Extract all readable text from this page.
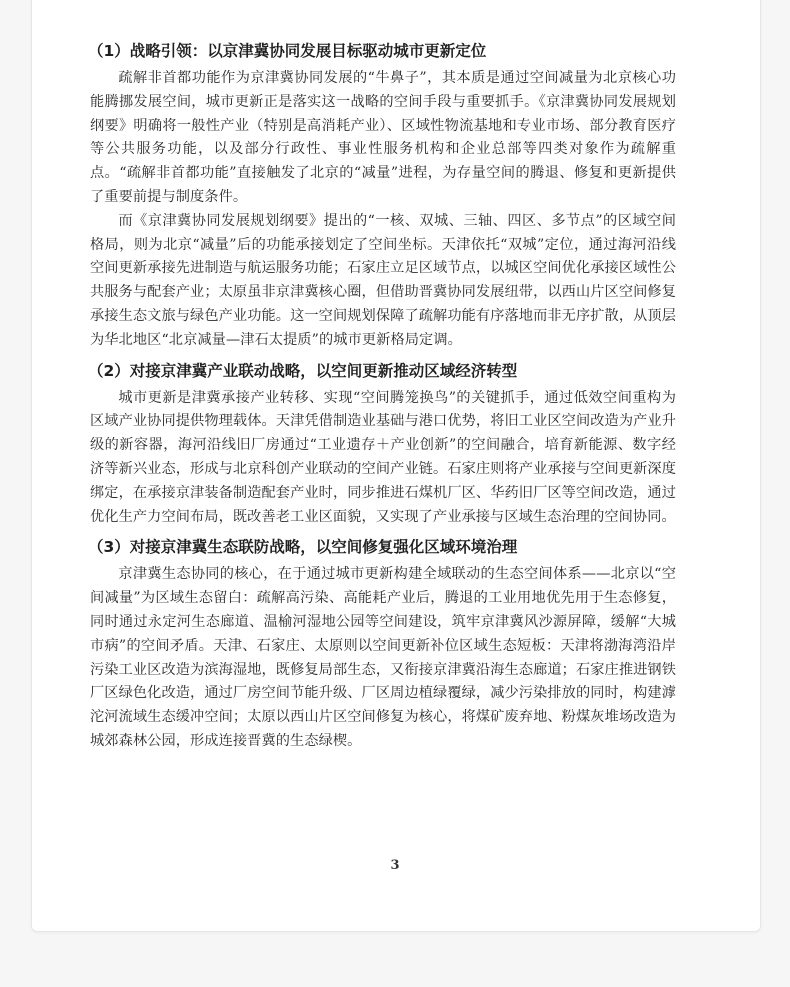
（1）战略引领：以京津冀协同发展目标驱动城市更新定位

疏解非首都功能作为京津冀协同发展的“牛鼻子”，其本质是通过空间减量为北京核心功能腾挪发展空间，城市更新正是落实这一战略的空间手段与重要抓手。《京津冀协同发展规划纲要》明确将一般性产业（特别是高消耗产业）、区域性物流基地和专业市场、部分教育医疗等公共服务功能，以及部分行政性、事业性服务机构和企业总部等四类对象作为疏解重点。“疏解非首都功能”直接触发了北京的“减量”进程，为存量空间的腾退、修复和更新提供了重要前提与制度条件。

而《京津冀协同发展规划纲要》提出的“一核、双城、三轴、四区、多节点”的区域空间格局，则为北京“减量”后的功能承接划定了空间坐标。天津依托“双城”定位，通过海河沿线空间更新承接先进制造与航运服务功能；石家庄立足区域节点，以城区空间优化承接区域性公共服务与配套产业；太原虽非京津冀核心圈，但借助晋冀协同发展纽带，以西山片区空间修复承接生态文旅与绿色产业功能。这一空间规划保障了疏解功能有序落地而非无序扩散，从顶层为华北地区“北京减量—津石太提质”的城市更新格局定调。

（2）对接京津冀产业联动战略，以空间更新推动区域经济转型

城市更新是津冀承接产业转移、实现“空间腾笼换鸟”的关键抓手，通过低效空间重构为区域产业协同提供物理载体。天津凭借制造业基础与港口优势，将旧工业区空间改造为产业升级的新容器，海河沿线旧厂房通过“工业遗存＋产业创新”的空间融合，培育新能源、数字经济等新兴业态，形成与北京科创产业联动的空间产业链。石家庄则将产业承接与空间更新深度绑定，在承接京津装备制造配套产业时，同步推进石煤机厂区、华药旧厂区等空间改造，通过优化生产力空间布局，既改善老工业区面貌，又实现了产业承接与区域生态治理的空间协同。

（3）对接京津冀生态联防战略，以空间修复强化区域环境治理

京津冀生态协同的核心，在于通过城市更新构建全域联动的生态空间体系——北京以“空间减量”为区域生态留白：疏解高污染、高能耗产业后，腾退的工业用地优先用于生态修复，同时通过永定河生态廊道、温榆河湿地公园等空间建设，筑牢京津冀风沙源屏障，缓解“大城市病”的空间矛盾。天津、石家庄、太原则以空间更新补位区域生态短板：天津将渤海湾沿岸污染工业区改造为滨海湿地，既修复局部生态，又衔接京津冀沿海生态廊道；石家庄推进钢铁厂区绿色化改造，通过厂房空间节能升级、厂区周边植绿覆绿，减少污染排放的同时，构建滹沱河流域生态缓冲空间；太原以西山片区空间修复为核心，将煤矿废弃地、粉煤灰堆场改造为城郊森林公园，形成连接晋冀的生态绿楔。

3
